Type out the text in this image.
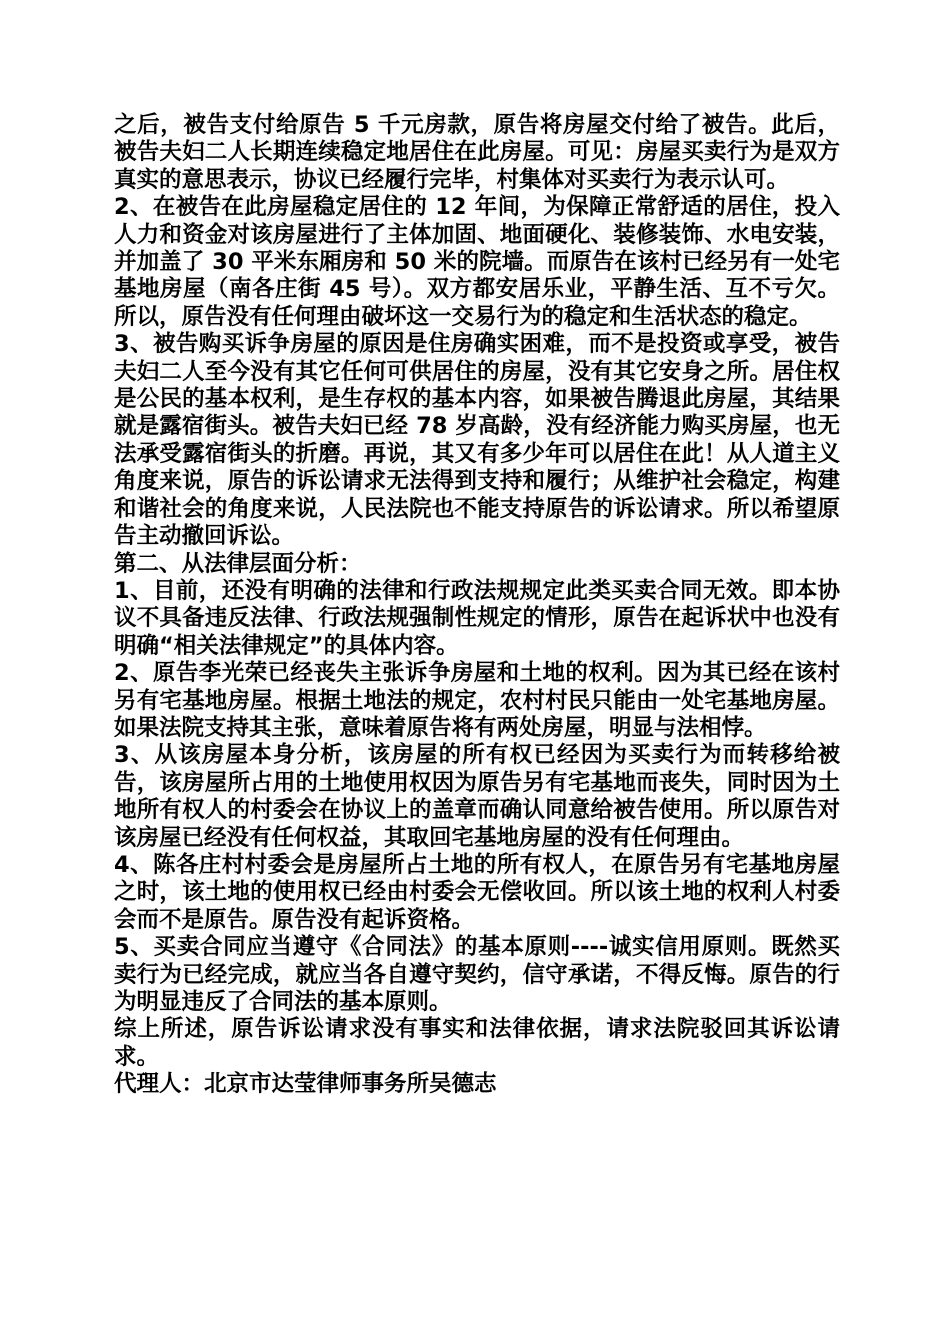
之后，被告支付给原告 5 千元房款，原告将房屋交付给了被告。此后，被告夫妇二人长期连续稳定地居住在此房屋。可见：房屋买卖行为是双方真实的意思表示，协议已经履行完毕，村集体对买卖行为表示认可。

2、在被告在此房屋稳定居住的 12 年间，为保障正常舒适的居住，投入人力和资金对该房屋进行了主体加固、地面硬化、装修装饰、水电安装，并加盖了 30 平米东厢房和 50 米的院墙。而原告在该村已经另有一处宅基地房屋（南各庄街 45 号）。双方都安居乐业，平静生活、互不亏欠。所以，原告没有任何理由破坏这一交易行为的稳定和生活状态的稳定。

3、被告购买诉争房屋的原因是住房确实困难，而不是投资或享受，被告夫妇二人至今没有其它任何可供居住的房屋，没有其它安身之所。居住权是公民的基本权利，是生存权的基本内容，如果被告腾退此房屋，其结果就是露宿街头。被告夫妇已经 78 岁高龄，没有经济能力购买房屋，也无法承受露宿街头的折磨。再说，其又有多少年可以居住在此！从人道主义角度来说，原告的诉讼请求无法得到支持和履行；从维护社会稳定，构建和谐社会的角度来说，人民法院也不能支持原告的诉讼请求。所以希望原告主动撤回诉讼。

第二、从法律层面分析：

1、目前，还没有明确的法律和行政法规规定此类买卖合同无效。即本协议不具备违反法律、行政法规强制性规定的情形，原告在起诉状中也没有明确“相关法律规定”的具体内容。

2、原告李光荣已经丧失主张诉争房屋和土地的权利。因为其已经在该村另有宅基地房屋。根据土地法的规定，农村村民只能由一处宅基地房屋。如果法院支持其主张，意味着原告将有两处房屋，明显与法相悖。

3、从该房屋本身分析，该房屋的所有权已经因为买卖行为而转移给被告，该房屋所占用的土地使用权因为原告另有宅基地而丧失，同时因为土地所有权人的村委会在协议上的盖章而确认同意给被告使用。所以原告对该房屋已经没有任何权益，其取回宅基地房屋的没有任何理由。

4、陈各庄村村委会是房屋所占土地的所有权人，在原告另有宅基地房屋之时，该土地的使用权已经由村委会无偿收回。所以该土地的权利人村委会而不是原告。原告没有起诉资格。

5、买卖合同应当遵守《合同法》的基本原则----诚实信用原则。既然买卖行为已经完成，就应当各自遵守契约，信守承诺，不得反悔。原告的行为明显违反了合同法的基本原则。

综上所述，原告诉讼请求没有事实和法律依据，请求法院驳回其诉讼请求。

代理人：北京市达莹律师事务所吴德志
